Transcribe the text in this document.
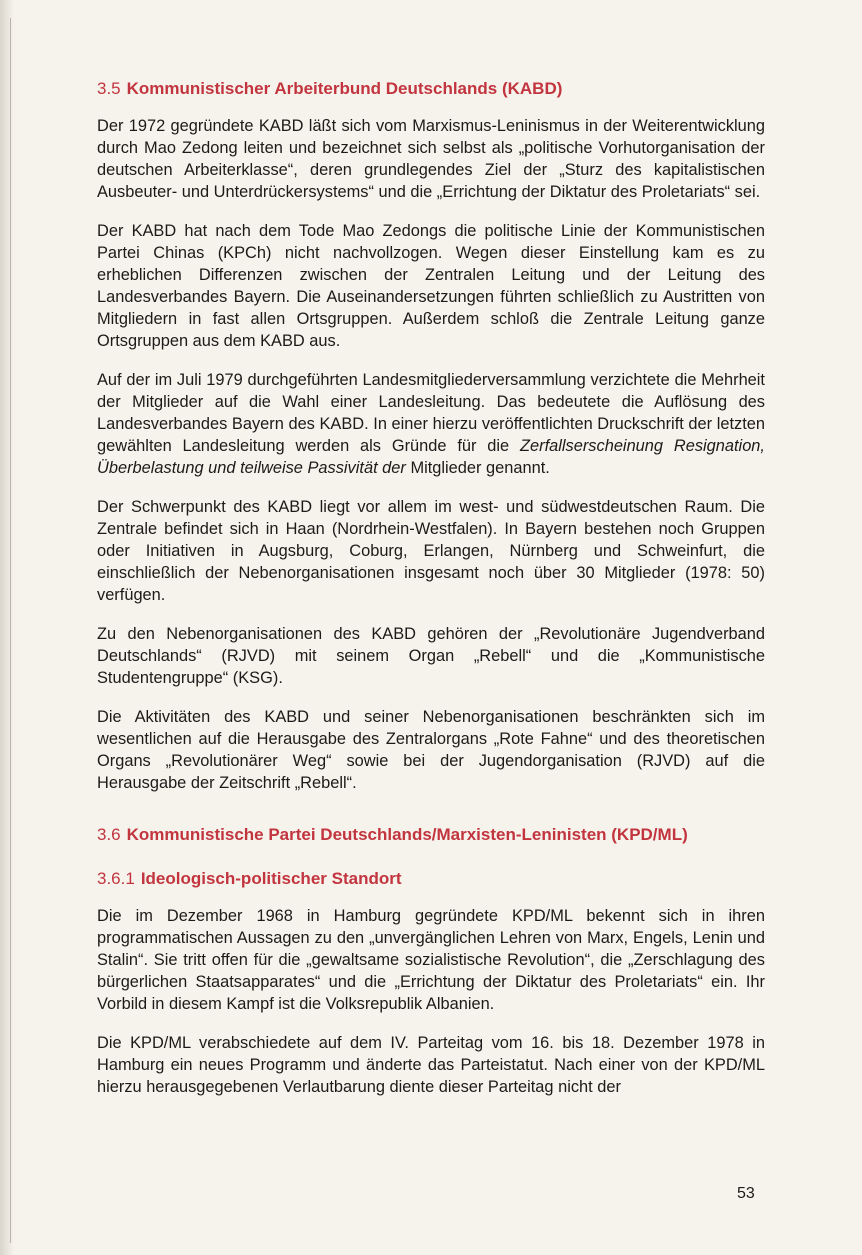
3.5 Kommunistischer Arbeiterbund Deutschlands (KABD)

Der 1972 gegründete KABD läßt sich vom Marxismus-Leninismus in der Weiterentwicklung durch Mao Zedong leiten und bezeichnet sich selbst als „politische Vorhutorganisation der deutschen Arbeiterklasse“, deren grundlegendes Ziel der „Sturz des kapitalistischen Ausbeuter- und Unterdrückersystems“ und die „Errichtung der Diktatur des Proletariats“ sei.

Der KABD hat nach dem Tode Mao Zedongs die politische Linie der Kommunistischen Partei Chinas (KPCh) nicht nachvollzogen. Wegen dieser Einstellung kam es zu erheblichen Differenzen zwischen der Zentralen Leitung und der Leitung des Landesverbandes Bayern. Die Auseinandersetzungen führten schließlich zu Austritten von Mitgliedern in fast allen Ortsgruppen. Außerdem schloß die Zentrale Leitung ganze Ortsgruppen aus dem KABD aus.

Auf der im Juli 1979 durchgeführten Landesmitgliederversammlung verzichtete die Mehrheit der Mitglieder auf die Wahl einer Landesleitung. Das bedeutete die Auflösung des Landesverbandes Bayern des KABD. In einer hierzu veröffentlichten Druckschrift der letzten gewählten Landesleitung werden als Gründe für die Zerfallserscheinung Resignation, Überbelastung und teilweise Passivität der Mitglieder genannt.

Der Schwerpunkt des KABD liegt vor allem im west- und südwestdeutschen Raum. Die Zentrale befindet sich in Haan (Nordrhein-Westfalen). In Bayern bestehen noch Gruppen oder Initiativen in Augsburg, Coburg, Erlangen, Nürnberg und Schweinfurt, die einschließlich der Nebenorganisationen insgesamt noch über 30 Mitglieder (1978: 50) verfügen.

Zu den Nebenorganisationen des KABD gehören der „Revolutionäre Jugendverband Deutschlands“ (RJVD) mit seinem Organ „Rebell“ und die „Kommunistische Studentengruppe“ (KSG).

Die Aktivitäten des KABD und seiner Nebenorganisationen beschränkten sich im wesentlichen auf die Herausgabe des Zentralorgans „Rote Fahne“ und des theoretischen Organs „Revolutionärer Weg“ sowie bei der Jugendorganisation (RJVD) auf die Herausgabe der Zeitschrift „Rebell“.

3.6 Kommunistische Partei Deutschlands/Marxisten-Leninisten (KPD/ML)
3.6.1 Ideologisch-politischer Standort

Die im Dezember 1968 in Hamburg gegründete KPD/ML bekennt sich in ihren programmatischen Aussagen zu den „unvergänglichen Lehren von Marx, Engels, Lenin und Stalin“. Sie tritt offen für die „gewaltsame sozialistische Revolution“, die „Zerschlagung des bürgerlichen Staatsapparates“ und die „Errichtung der Diktatur des Proletariats“ ein. Ihr Vorbild in diesem Kampf ist die Volksrepublik Albanien.

Die KPD/ML verabschiedete auf dem IV. Parteitag vom 16. bis 18. Dezember 1978 in Hamburg ein neues Programm und änderte das Parteistatut. Nach einer von der KPD/ML hierzu herausgegebenen Verlautbarung diente dieser Parteitag nicht der

53
